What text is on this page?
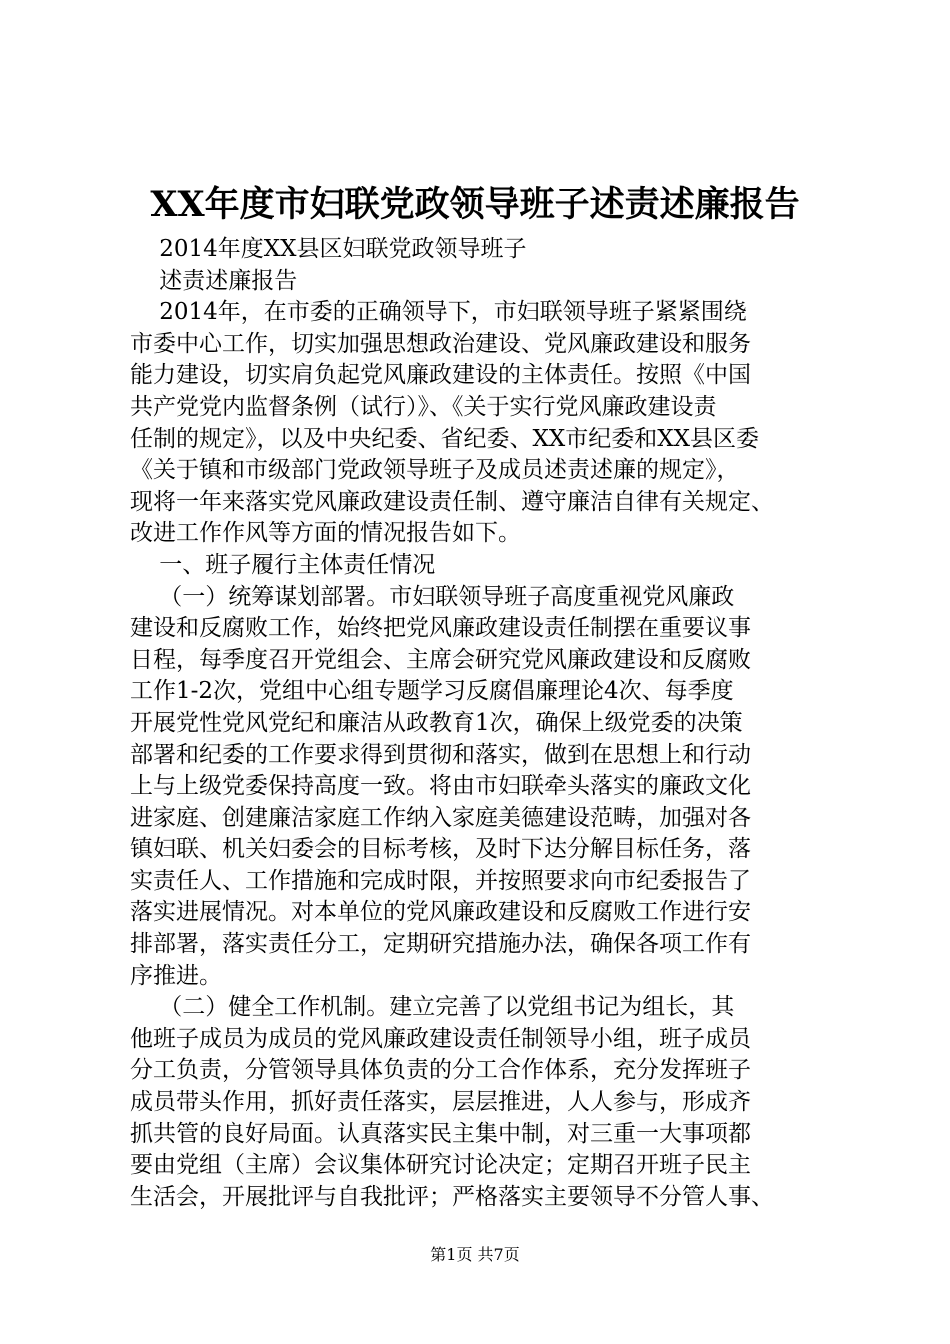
XX年度市妇联党政领导班子述责述廉报告
2014年度XX县区妇联党政领导班子
述责述廉报告
2014年，在市委的正确领导下，市妇联领导班子紧紧围绕
市委中心工作，切实加强思想政治建设、党风廉政建设和服务
能力建设，切实肩负起党风廉政建设的主体责任。按照《中国
共产党党内监督条例（试行）》、《关于实行党风廉政建设责
任制的规定》，以及中央纪委、省纪委、XX市纪委和XX县区委
《关于镇和市级部门党政领导班子及成员述责述廉的规定》，
现将一年来落实党风廉政建设责任制、遵守廉洁自律有关规定、
改进工作作风等方面的情况报告如下。
一、班子履行主体责任情况
（一）统筹谋划部署。市妇联领导班子高度重视党风廉政
建设和反腐败工作，始终把党风廉政建设责任制摆在重要议事
日程，每季度召开党组会、主席会研究党风廉政建设和反腐败
工作1-2次，党组中心组专题学习反腐倡廉理论4次、每季度
开展党性党风党纪和廉洁从政教育1次，确保上级党委的决策
部署和纪委的工作要求得到贯彻和落实，做到在思想上和行动
上与上级党委保持高度一致。将由市妇联牵头落实的廉政文化
进家庭、创建廉洁家庭工作纳入家庭美德建设范畴，加强对各
镇妇联、机关妇委会的目标考核，及时下达分解目标任务，落
实责任人、工作措施和完成时限，并按照要求向市纪委报告了
落实进展情况。对本单位的党风廉政建设和反腐败工作进行安
排部署，落实责任分工，定期研究措施办法，确保各项工作有
序推进。
（二）健全工作机制。建立完善了以党组书记为组长，其
他班子成员为成员的党风廉政建设责任制领导小组，班子成员
分工负责，分管领导具体负责的分工合作体系，充分发挥班子
成员带头作用，抓好责任落实，层层推进，人人参与，形成齐
抓共管的良好局面。认真落实民主集中制，对三重一大事项都
要由党组（主席）会议集体研究讨论决定；定期召开班子民主
生活会，开展批评与自我批评；严格落实主要领导不分管人事、
第1页 共7页
